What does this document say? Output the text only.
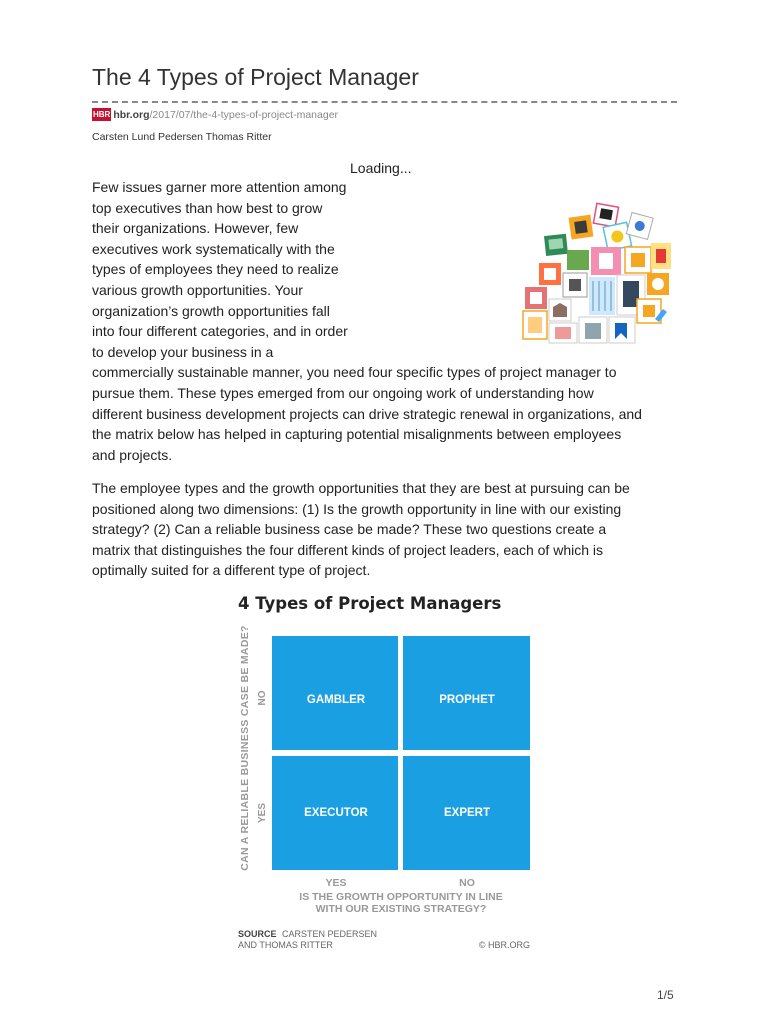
The 4 Types of Project Manager
HBR hbr.org /2017/07/the-4-types-of-project-manager
Carsten Lund Pedersen Thomas Ritter
Loading...
Few issues garner more attention among
top executives than how best to grow
their organizations. However, few
executives work systematically with the
types of employees they need to realize
various growth opportunities. Your
organization’s growth opportunities fall
into four different categories, and in order
to develop your business in a
commercially sustainable manner, you need four specific types of project manager to
pursue them. These types emerged from our ongoing work of understanding how
different business development projects can drive strategic renewal in organizations, and
the matrix below has helped in capturing potential misalignments between employees
and projects.
The employee types and the growth opportunities that they are best at pursuing can be
positioned along two dimensions: (1) Is the growth opportunity in line with our existing
strategy? (2) Can a reliable business case be made? These two questions create a
matrix that distinguishes the four different kinds of project leaders, each of which is
optimally suited for a different type of project.
4 Types of Project Managers
CAN A RELIABLE BUSINESS CASE BE MADE? NO
YES
GAMBLER	PROPHET
EXECUTOR	EXPERT
YES	NO
IS THE GROWTH OPPORTUNITY IN LINE
WITH OUR EXISTING STRATEGY?
SOURCE CARSTEN PEDERSEN
AND THOMAS RITTER	© HBR.ORG
1/5
